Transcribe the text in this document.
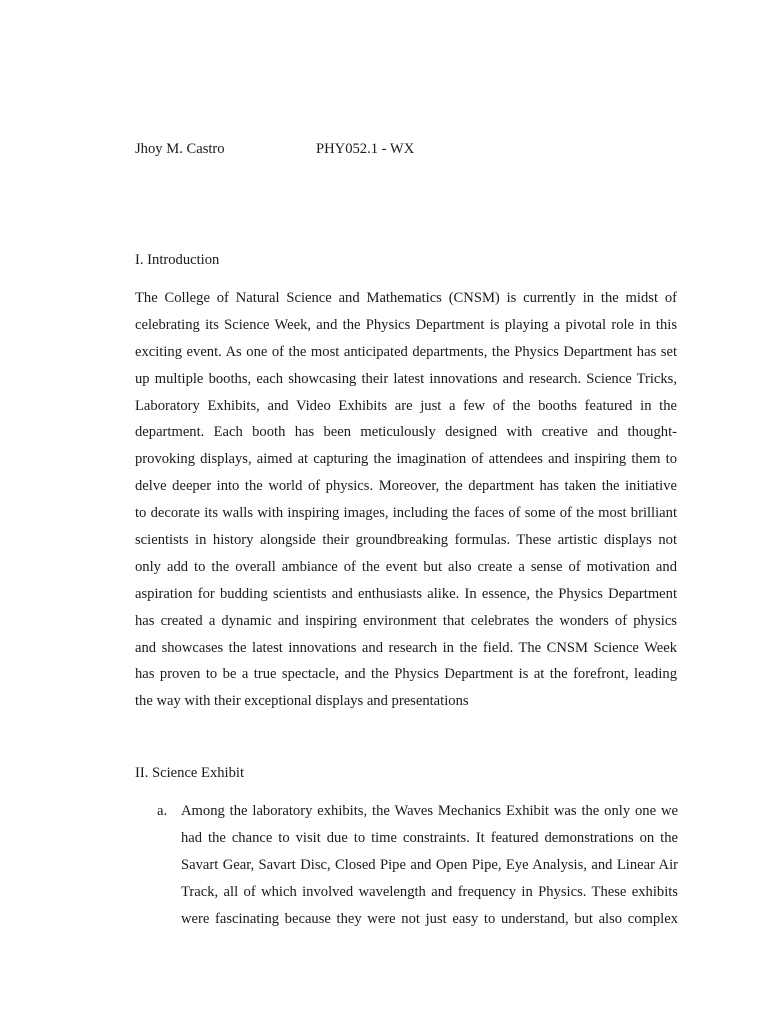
Jhoy M. Castro	PHY052.1 - WX
I. Introduction
The College of Natural Science and Mathematics (CNSM) is currently in the midst of
celebrating its Science Week, and the Physics Department is playing a pivotal role in this
exciting event. As one of the most anticipated departments, the Physics Department has set
up multiple booths, each showcasing their latest innovations and research. Science Tricks,
Laboratory Exhibits, and Video Exhibits are just a few of the booths featured in the
department. Each booth has been meticulously designed with creative and thought-
provoking displays, aimed at capturing the imagination of attendees and inspiring them to
delve deeper into the world of physics. Moreover, the department has taken the initiative
to decorate its walls with inspiring images, including the faces of some of the most brilliant
scientists in history alongside their groundbreaking formulas. These artistic displays not
only add to the overall ambiance of the event but also create a sense of motivation and
aspiration for budding scientists and enthusiasts alike. In essence, the Physics Department
has created a dynamic and inspiring environment that celebrates the wonders of physics
and showcases the latest innovations and research in the field. The CNSM Science Week
has proven to be a true spectacle, and the Physics Department is at the forefront, leading
the way with their exceptional displays and presentations
II. Science Exhibit
a. Among the laboratory exhibits, the Waves Mechanics Exhibit was the only one we
had the chance to visit due to time constraints. It featured demonstrations on the
Savart Gear, Savart Disc, Closed Pipe and Open Pipe, Eye Analysis, and Linear Air
Track, all of which involved wavelength and frequency in Physics. These exhibits
were fascinating because they were not just easy to understand, but also complex
